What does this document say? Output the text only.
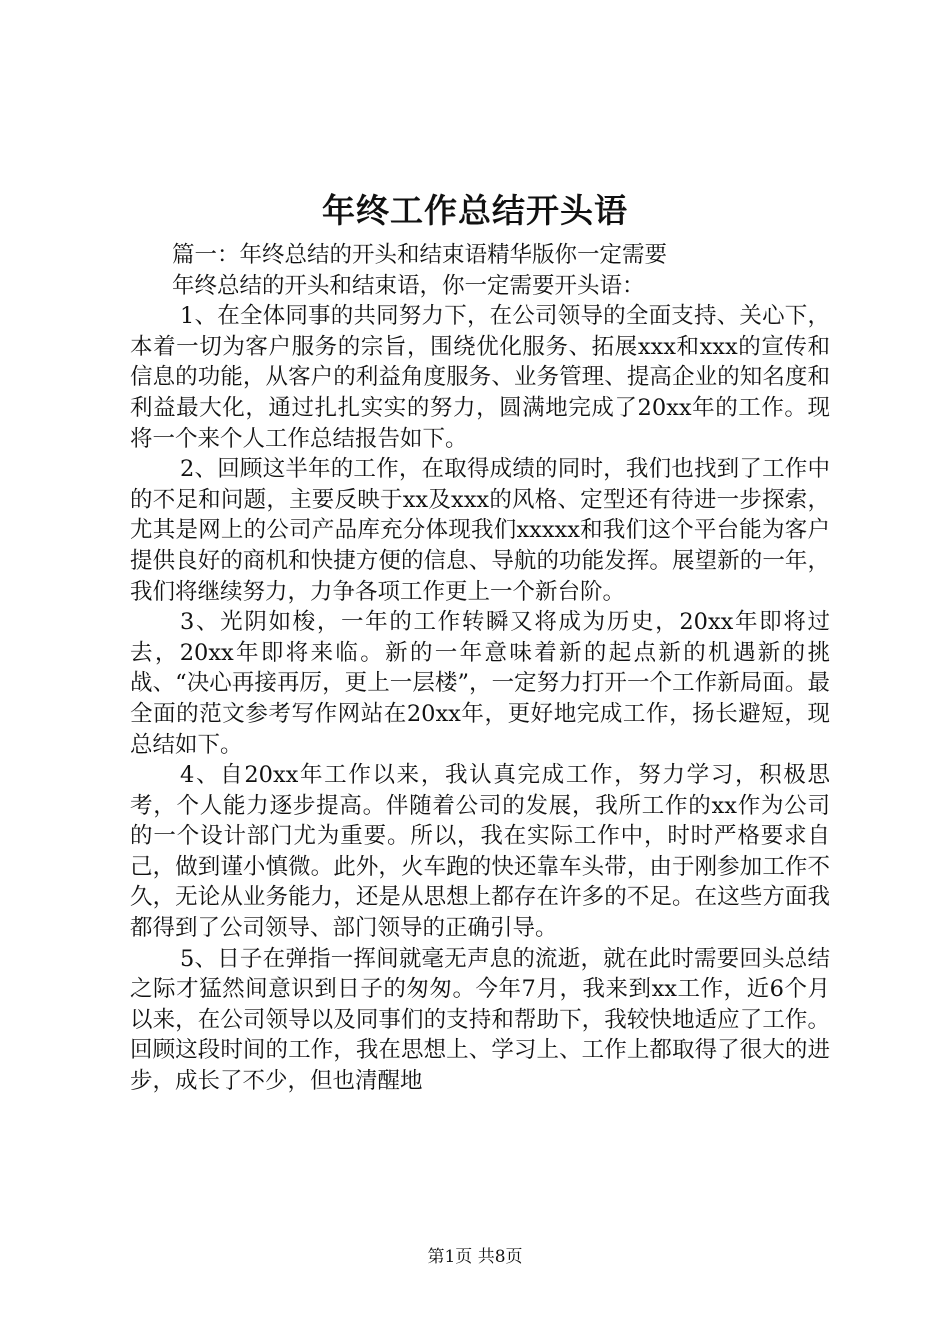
年终工作总结开头语

篇一：年终总结的开头和结束语精华版你一定需要

年终总结的开头和结束语，你一定需要开头语：

1、在全体同事的共同努力下，在公司领导的全面支持、关心下，本着一切为客户服务的宗旨，围绕优化服务、拓展xxx和xxx的宣传和信息的功能，从客户的利益角度服务、业务管理、提高企业的知名度和利益最大化，通过扎扎实实的努力，圆满地完成了20xx年的工作。现将一个来个人工作总结报告如下。

2、回顾这半年的工作，在取得成绩的同时，我们也找到了工作中的不足和问题，主要反映于xx及xxx的风格、定型还有待进一步探索，尤其是网上的公司产品库充分体现我们xxxxx和我们这个平台能为客户提供良好的商机和快捷方便的信息、导航的功能发挥。展望新的一年，我们将继续努力，力争各项工作更上一个新台阶。

3、光阴如梭，一年的工作转瞬又将成为历史，20xx年即将过去，20xx年即将来临。新的一年意味着新的起点新的机遇新的挑战、“决心再接再厉，更上一层楼”，一定努力打开一个工作新局面。最全面的范文参考写作网站在20xx年，更好地完成工作，扬长避短，现总结如下。

4、自20xx年工作以来，我认真完成工作，努力学习，积极思考，个人能力逐步提高。伴随着公司的发展，我所工作的xx作为公司的一个设计部门尤为重要。所以，我在实际工作中，时时严格要求自己，做到谨小慎微。此外，火车跑的快还靠车头带，由于刚参加工作不久，无论从业务能力，还是从思想上都存在许多的不足。在这些方面我都得到了公司领导、部门领导的正确引导。

5、日子在弹指一挥间就毫无声息的流逝，就在此时需要回头总结之际才猛然间意识到日子的匆匆。今年7月，我来到xx工作，近6个月以来，在公司领导以及同事们的支持和帮助下，我较快地适应了工作。回顾这段时间的工作，我在思想上、学习上、工作上都取得了很大的进步，成长了不少，但也清醒地

第1页 共8页
